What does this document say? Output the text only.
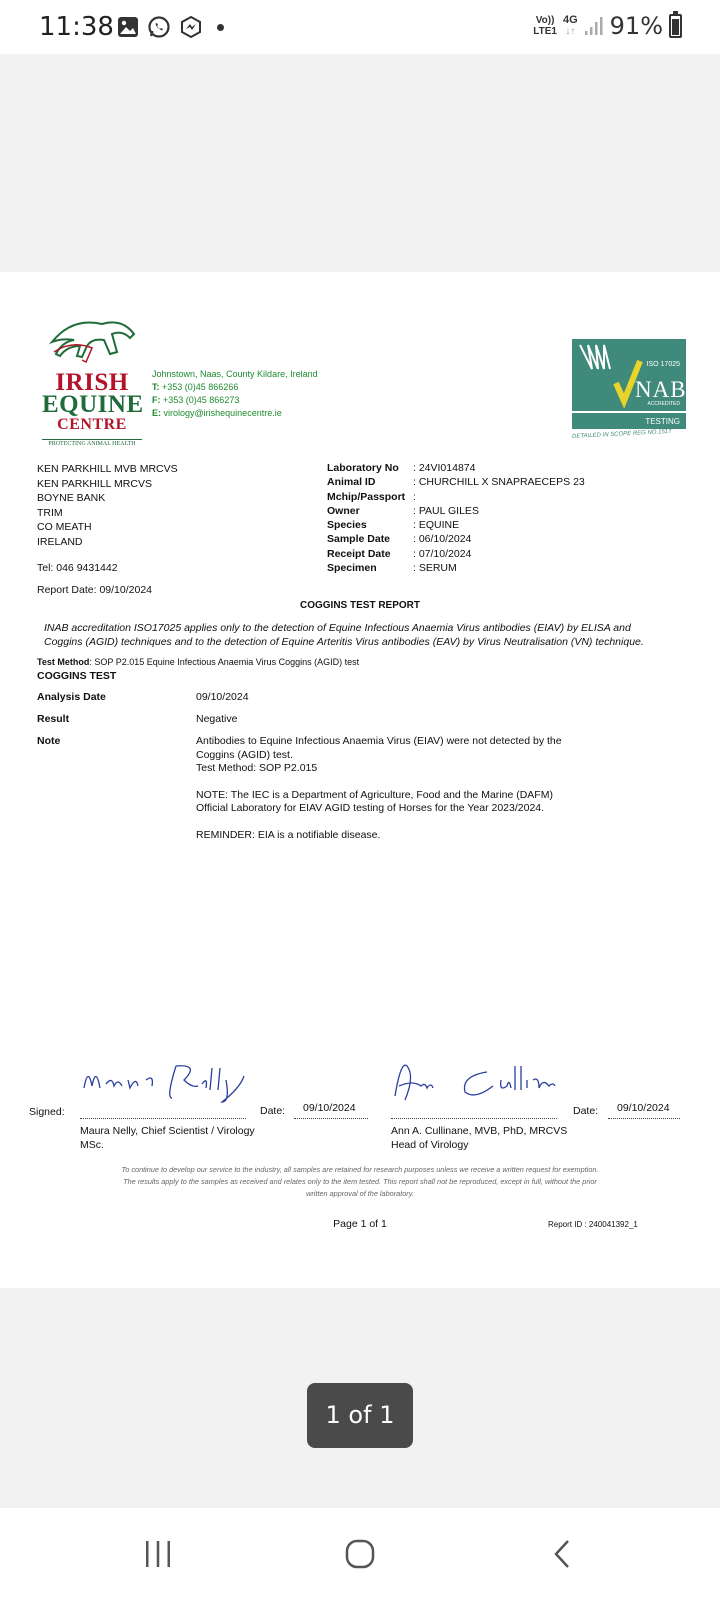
11:38	Vo))
LTE1
4G
↓↑ 91%
IRISH
EQUINE
CENTRE
PROTECTING ANIMAL HEALTH
Johnstown, Naas, County Kildare, Ireland
T: +353 (0)45 866266
F: +353 (0)45 866273
E: virology@irishequinecentre.ie
ISO 17025
NAB
ACCREDITED
TESTING
DETAILED IN SCOPE REG NO.151T
KEN PARKHILL MVB MRCVS
KEN PARKHILL MRCVS
BOYNE BANK
TRIM
CO MEATH
IRELAND
Tel: 046 9431442
Report Date: 09/10/2024
Laboratory No	: 24VI014874
Animal ID	: CHURCHILL X SNAPRAECEPS 23
Mchip/Passport	:
Owner	: PAUL GILES
Species	: EQUINE
Sample Date	: 06/10/2024
Receipt Date	: 07/10/2024
Specimen	: SERUM
COGGINS TEST REPORT
INAB accreditation ISO17025 applies only to the detection of Equine Infectious Anaemia Virus antibodies (EIAV) by ELISA and Coggins (AGID) techniques and to the detection of Equine Arteritis Virus antibodies (EAV) by Virus Neutralisation (VN) technique.
Test Method: SOP P2.015 Equine Infectious Anaemia Virus Coggins (AGID) test
COGGINS TEST
Analysis Date	09/10/2024
Result	Negative
Note	Antibodies to Equine Infectious Anaemia Virus (EIAV) were not detected by the Coggins (AGID) test.
Test Method: SOP P2.015

NOTE: The IEC is a Department of Agriculture, Food and the Marine (DAFM) Official Laboratory for EIAV AGID testing of Horses for the Year 2023/2024.

REMINDER: EIA is a notifiable disease.

Signed:	Date: 09/10/2024	Date: 09/10/2024
Maura Nelly, Chief Scientist / Virology
MSc.
Ann A. Cullinane, MVB, PhD, MRCVS
Head of Virology
To continue to develop our service to the industry, all samples are retained for research purposes unless we receive a written request for exemption.
The results apply to the samples as received and relates only to the item tested. This report shall not be reproduced, except in full, without the prior
written approval of the laboratory.
Page 1 of 1	Report ID : 240041392_1
1 of 1
